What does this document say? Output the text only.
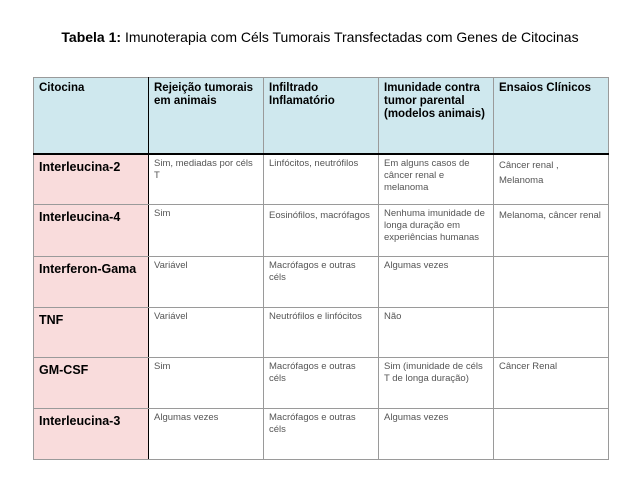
Tabela 1: Imunoterapia com Céls Tumorais Transfectadas com Genes de Citocinas
Citocina	Rejeição tumorais em animais	Infiltrado Inflamatório	Imunidade contra tumor parental (modelos animais)	Ensaios Clínicos
Interleucina-2	Sim, mediadas por céls T	Linfócitos, neutrófilos	Em alguns casos de câncer renal e melanoma	Câncer renal , Melanoma
Interleucina-4	Sim	Eosinófilos, macrófagos	Nenhuma imunidade de longa duração em experiências humanas	Melanoma, câncer renal
Interferon-Gama	Variável	Macrófagos e outras céls	Algumas vezes	
TNF	Variável	Neutrófilos e linfócitos	Não	
GM-CSF	Sim	Macrófagos e outras céls	Sim (imunidade de céls T de longa duração)	Câncer Renal
Interleucina-3	Algumas vezes	Macrófagos e outras céls	Algumas vezes	
